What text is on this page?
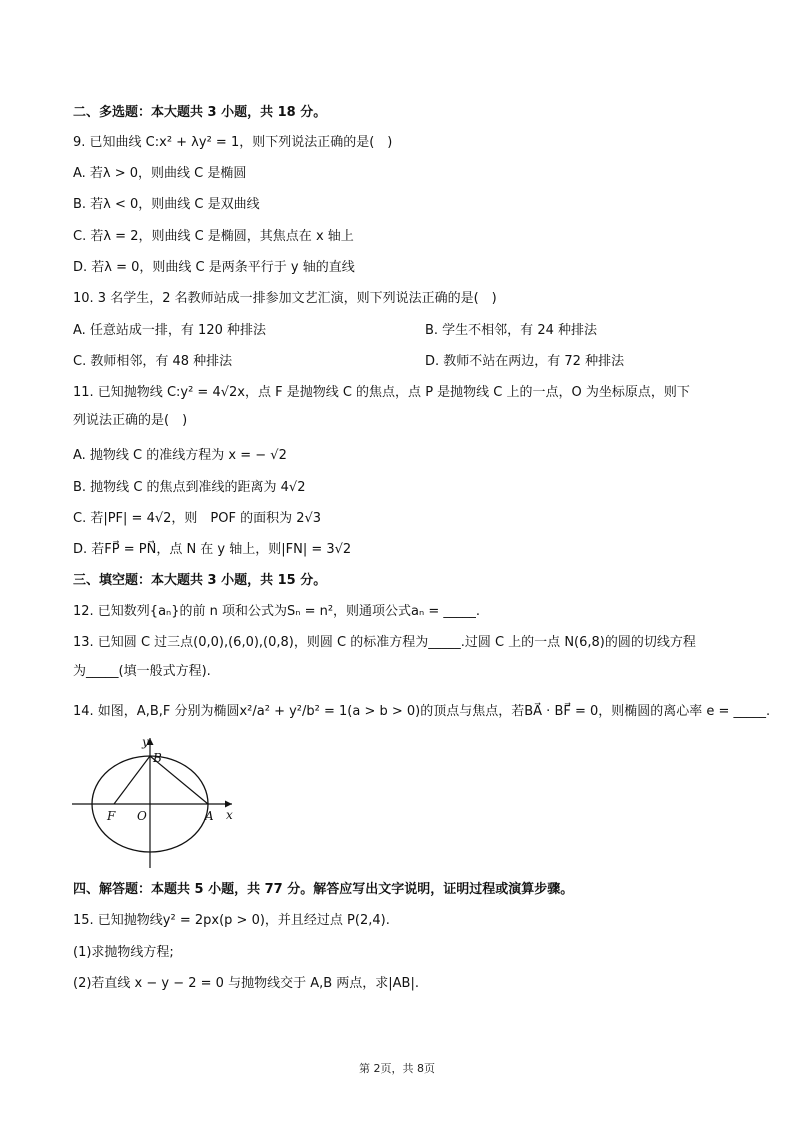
二、多选题：本大题共 3 小题，共 18 分。
9. 已知曲线 C:x² + λy² = 1，则下列说法正确的是(　)
A. 若λ > 0，则曲线 C 是椭圆
B. 若λ < 0，则曲线 C 是双曲线
C. 若λ = 2，则曲线 C 是椭圆，其焦点在 x 轴上
D. 若λ = 0，则曲线 C 是两条平行于 y 轴的直线
10. 3 名学生，2 名教师站成一排参加文艺汇演，则下列说法正确的是(　)
A. 任意站成一排，有 120 种排法	B. 学生不相邻，有 24 种排法
C. 教师相邻，有 48 种排法	D. 教师不站在两边，有 72 种排法
11. 已知抛物线 C:y² = 4√2x，点 F 是抛物线 C 的焦点，点 P 是抛物线 C 上的一点，O 为坐标原点，则下
列说法正确的是(　)
A. 抛物线 C 的准线方程为 x = − √2
B. 抛物线 C 的焦点到准线的距离为 4√2
C. 若|PF| = 4√2，则　POF 的面积为 2√3
D. 若FP⃗ = PN⃗，点 N 在 y 轴上，则|FN| = 3√2
三、填空题：本大题共 3 小题，共 15 分。
12. 已知数列{aₙ}的前 n 项和公式为Sₙ = n²，则通项公式aₙ = _____.
13. 已知圆 C 过三点(0,0),(6,0),(0,8)，则圆 C 的标准方程为_____.过圆 C 上的一点 N(6,8)的圆的切线方程
为_____(填一般式方程).
14. 如图，A,B,F 分别为椭圆x²/a² + y²/b² = 1(a > b > 0)的顶点与焦点，若BA⃗ · BF⃗ = 0，则椭圆的离心率 e = _____.
y
x
B
F O	A
四、解答题：本题共 5 小题，共 77 分。解答应写出文字说明，证明过程或演算步骤。
15. 已知抛物线y² = 2px(p > 0)，并且经过点 P(2,4).
(1)求抛物线方程;
(2)若直线 x − y − 2 = 0 与抛物线交于 A,B 两点，求|AB|.
第 2页，共 8页
